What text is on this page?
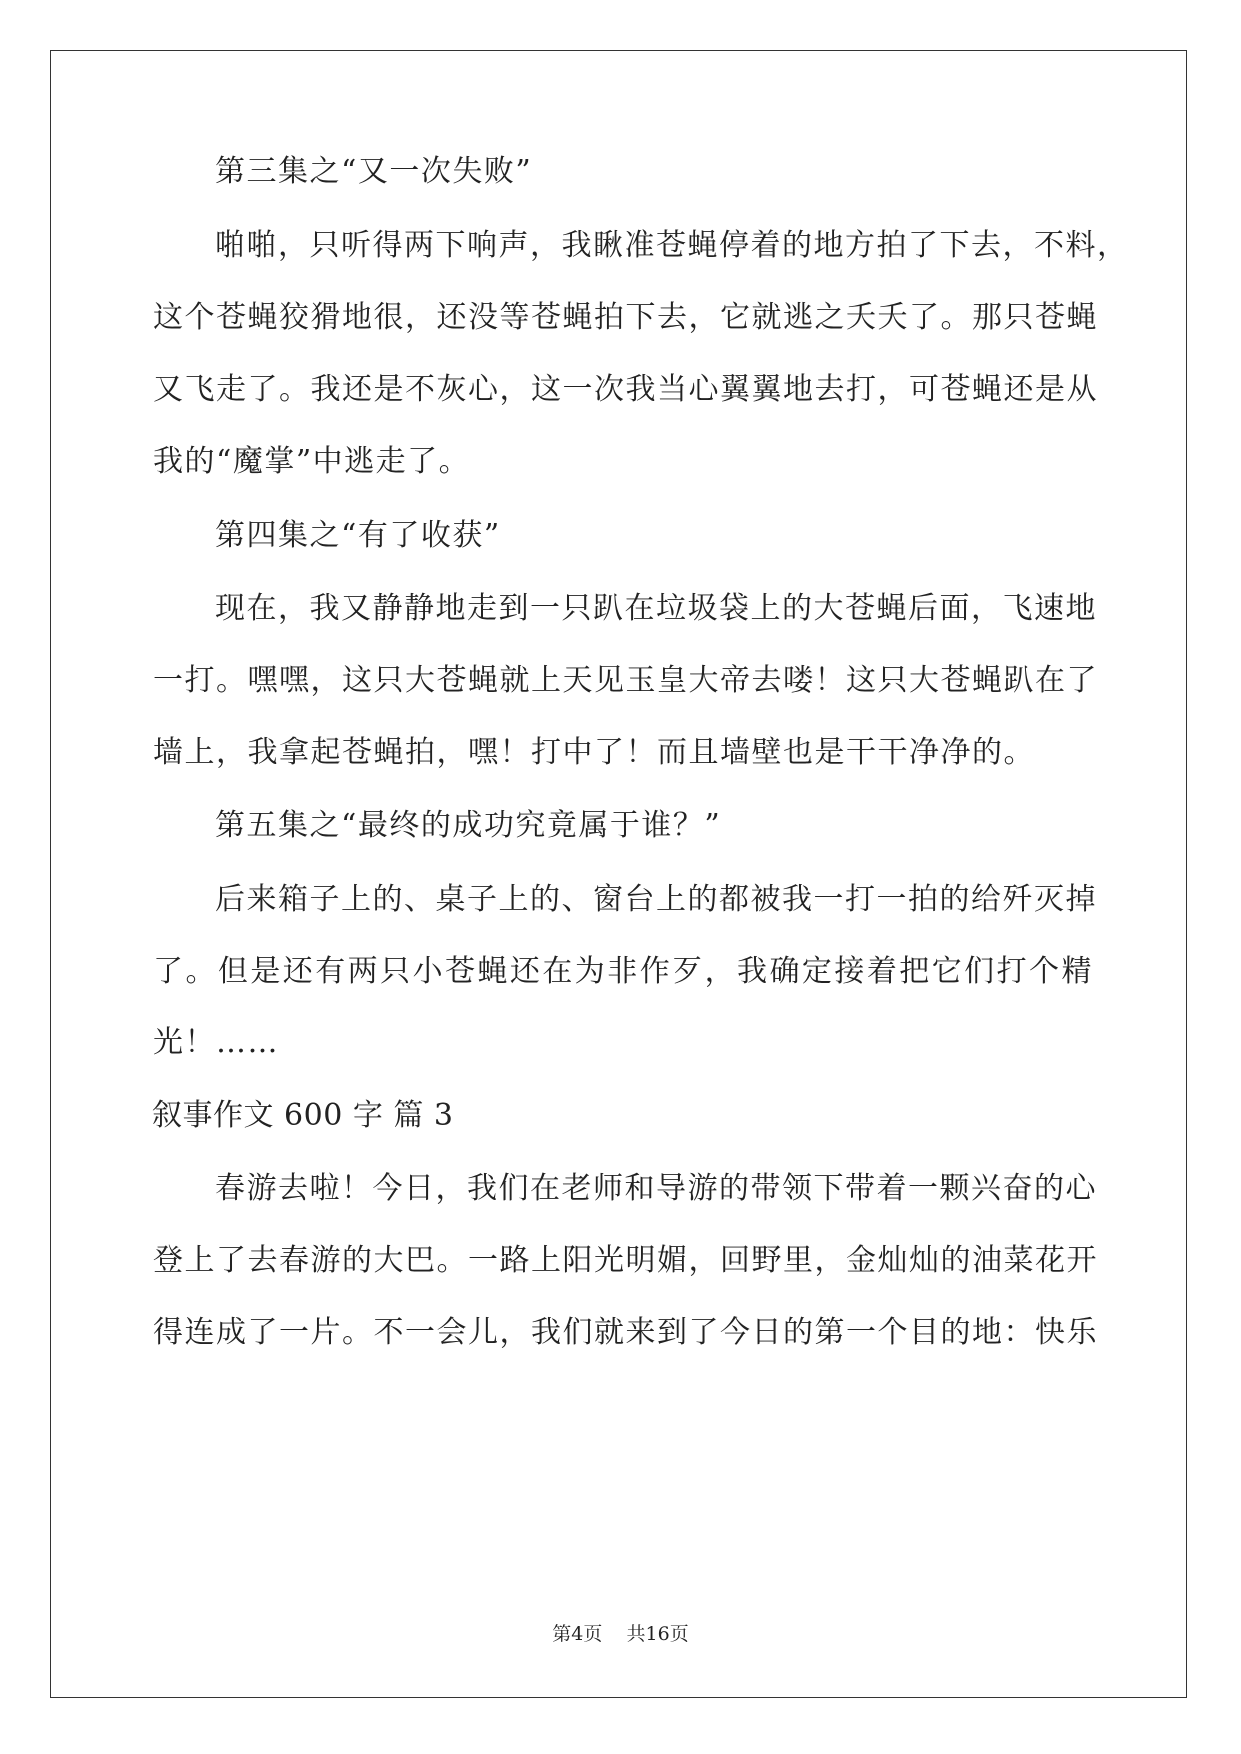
第三集之“又一次失败”
啪啪，只听得两下响声，我瞅准苍蝇停着的地方拍了下去，不料，
这个苍蝇狡猾地很，还没等苍蝇拍下去，它就逃之夭夭了。那只苍蝇
又飞走了。我还是不灰心，这一次我当心翼翼地去打，可苍蝇还是从
我的“魔掌”中逃走了。
第四集之“有了收获”
现在，我又静静地走到一只趴在垃圾袋上的大苍蝇后面，飞速地
一打。嘿嘿，这只大苍蝇就上天见玉皇大帝去喽！这只大苍蝇趴在了
墙上，我拿起苍蝇拍，嘿！打中了！而且墙壁也是干干净净的。
第五集之“最终的成功究竟属于谁？”
后来箱子上的、桌子上的、窗台上的都被我一打一拍的给歼灭掉
了。但是还有两只小苍蝇还在为非作歹，我确定接着把它们打个精
光！……
叙事作文 600 字 篇 3
春游去啦！今日，我们在老师和导游的带领下带着一颗兴奋的心
登上了去春游的大巴。一路上阳光明媚，回野里，金灿灿的油菜花开
得连成了一片。不一会儿，我们就来到了今日的第一个目的地：快乐
第4页 共16页
